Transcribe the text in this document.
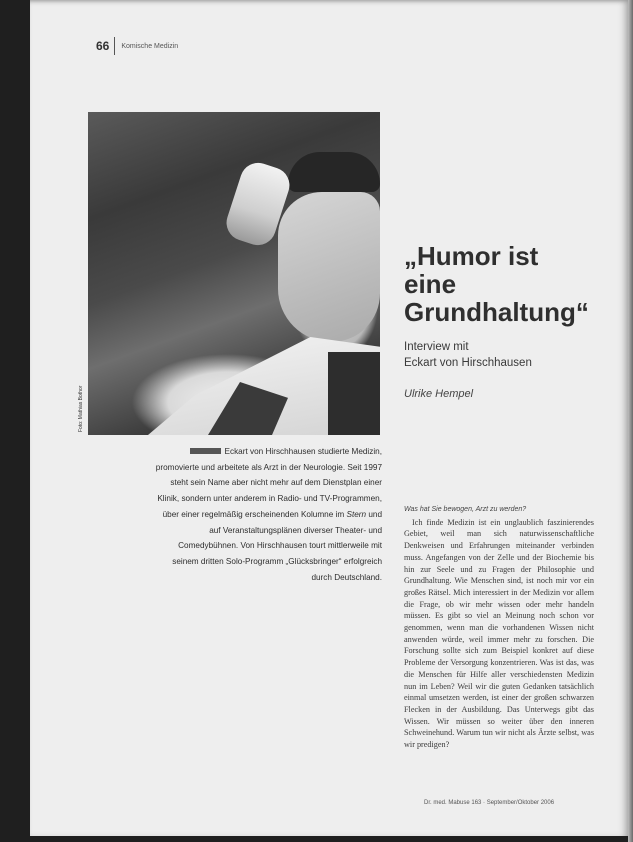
66	Komische Medizin
Foto: Mathias Bothor
„Humor ist
eine
Grundhaltung“
Interview mit
Eckart von Hirschhausen
Ulrike Hempel
Eckart von Hirschhausen studierte Medizin, promovierte und arbeitete als Arzt in der Neurologie. Seit 1997 steht sein Name aber nicht mehr auf dem Dienstplan einer Klinik, sondern unter anderem in Radio- und TV-Programmen, über einer regelmäßig erscheinenden Kolumne im Stern und auf Veranstaltungsplänen diverser Theater- und Comedybühnen. Von Hirschhausen tourt mittlerweile mit seinem dritten Solo-Programm „Glücksbringer“ erfolgreich durch Deutschland.
Was hat Sie bewogen, Arzt zu werden?

Ich finde Medizin ist ein unglaublich faszinierendes Gebiet, weil man sich naturwissenschaftliche Denkweisen und Erfahrungen miteinander verbinden muss. Angefangen von der Zelle und der Biochemie bis hin zur Seele und zu Fragen der Philosophie und Grundhaltung. Wie Menschen sind, ist noch mir vor ein großes Rätsel. Mich interessiert in der Medizin vor allem die Frage, ob wir mehr wissen oder mehr handeln müssen. Es gibt so viel an Meinung noch schon vor genommen, wenn man die vorhandenen Wissen nicht anwenden würde, weil immer mehr zu forschen. Die Forschung sollte sich zum Beispiel konkret auf diese Probleme der Versorgung konzentrieren. Was ist das, was die Menschen für Hilfe aller verschiedensten Medizin nun im Leben? Weil wir die guten Gedanken tatsächlich einmal umsetzen werden, ist einer der großen schwarzen Flecken in der Ausbildung. Das Unterwegs gibt das Wissen. Wir müssen so weiter über den inneren Schweinehund. Warum tun wir nicht als Ärzte selbst, was wir predigen?

Dr. med. Mabuse 163 · September/Oktober 2006
